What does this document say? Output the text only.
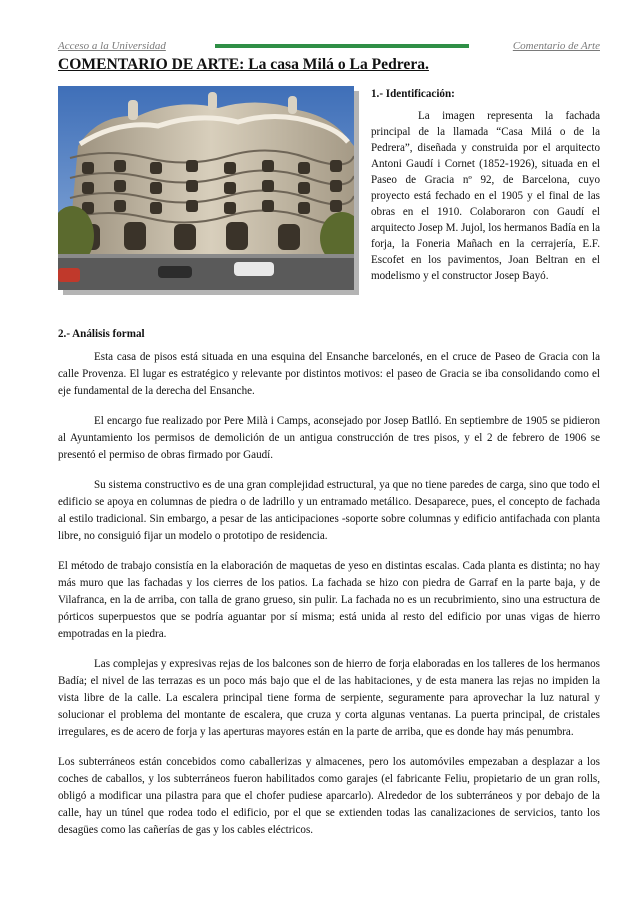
Acceso a la Universidad	Comentario de Arte
COMENTARIO DE ARTE: La casa Milá o La Pedrera.
1.- Identificación:

La imagen representa la fachada principal de la llamada “Casa Milá o de la Pedrera”, diseñada y construida por el arquitecto Antoni Gaudí i Cornet (1852-1926), situada en el Paseo de Gracia nº 92, de Barcelona, cuyo proyecto está fechado en el 1905 y el final de las obras en el 1910. Colaboraron con Gaudí el arquitecto Josep M. Jujol, los hermanos Badía en la forja, la Foneria Mañach en la cerrajería, E.F. Escofet en los pavimentos, Joan Beltran en el modelismo y el constructor Josep Bayó.

2.- Análisis formal

Esta casa de pisos está situada en una esquina del Ensanche barcelonés, en el cruce de Paseo de Gracia con la calle Provenza. El lugar es estratégico y relevante por distintos motivos: el paseo de Gracia se iba consolidando como el eje fundamental de la derecha del Ensanche.

El encargo fue realizado por Pere Milà i Camps, aconsejado por Josep Batlló. En septiembre de 1905 se pidieron al Ayuntamiento los permisos de demolición de un antigua construcción de tres pisos, y el 2 de febrero de 1906 se presentó el permiso de obras firmado por Gaudí.

Su sistema constructivo es de una gran complejidad estructural, ya que no tiene paredes de carga, sino que todo el edificio se apoya en columnas de piedra o de ladrillo y un entramado metálico. Desaparece, pues, el concepto de fachada al estilo tradicional. Sin embargo, a pesar de las anticipaciones -soporte sobre columnas y edificio antifachada con planta libre, no consiguió fijar un modelo o prototipo de residencia.

El método de trabajo consistía en la elaboración de maquetas de yeso en distintas escalas. Cada planta es distinta; no hay más muro que las fachadas y los cierres de los patios. La fachada se hizo con piedra de Garraf en la parte baja, y de Vilafranca, en la de arriba, con talla de grano grueso, sin pulir. La fachada no es un recubrimiento, sino una estructura de pórticos superpuestos que se podría aguantar por sí misma; está unida al resto del edificio por unas vigas de hierro empotradas en la piedra.

Las complejas y expresivas rejas de los balcones son de hierro de forja elaboradas en los talleres de los hermanos Badía; el nivel de las terrazas es un poco más bajo que el de las habitaciones, y de esta manera las rejas no impiden la vista libre de la calle. La escalera principal tiene forma de serpiente, seguramente para aprovechar la luz natural y solucionar el problema del montante de escalera, que cruza y corta algunas ventanas. La puerta principal, de cristales irregulares, es de acero de forja y las aperturas mayores están en la parte de arriba, que es donde hay más penumbra.

Los subterráneos están concebidos como caballerizas y almacenes, pero los automóviles empezaban a desplazar a los coches de caballos, y los subterráneos fueron habilitados como garajes (el fabricante Feliu, propietario de un gran rolls, obligó a modificar una pilastra para que el chofer pudiese aparcarlo). Alrededor de los subterráneos y por debajo de la calle, hay un túnel que rodea todo el edificio, por el que se extienden todas las canalizaciones de servicios, tanto los desagües como las cañerías de gas y los cables eléctricos.
